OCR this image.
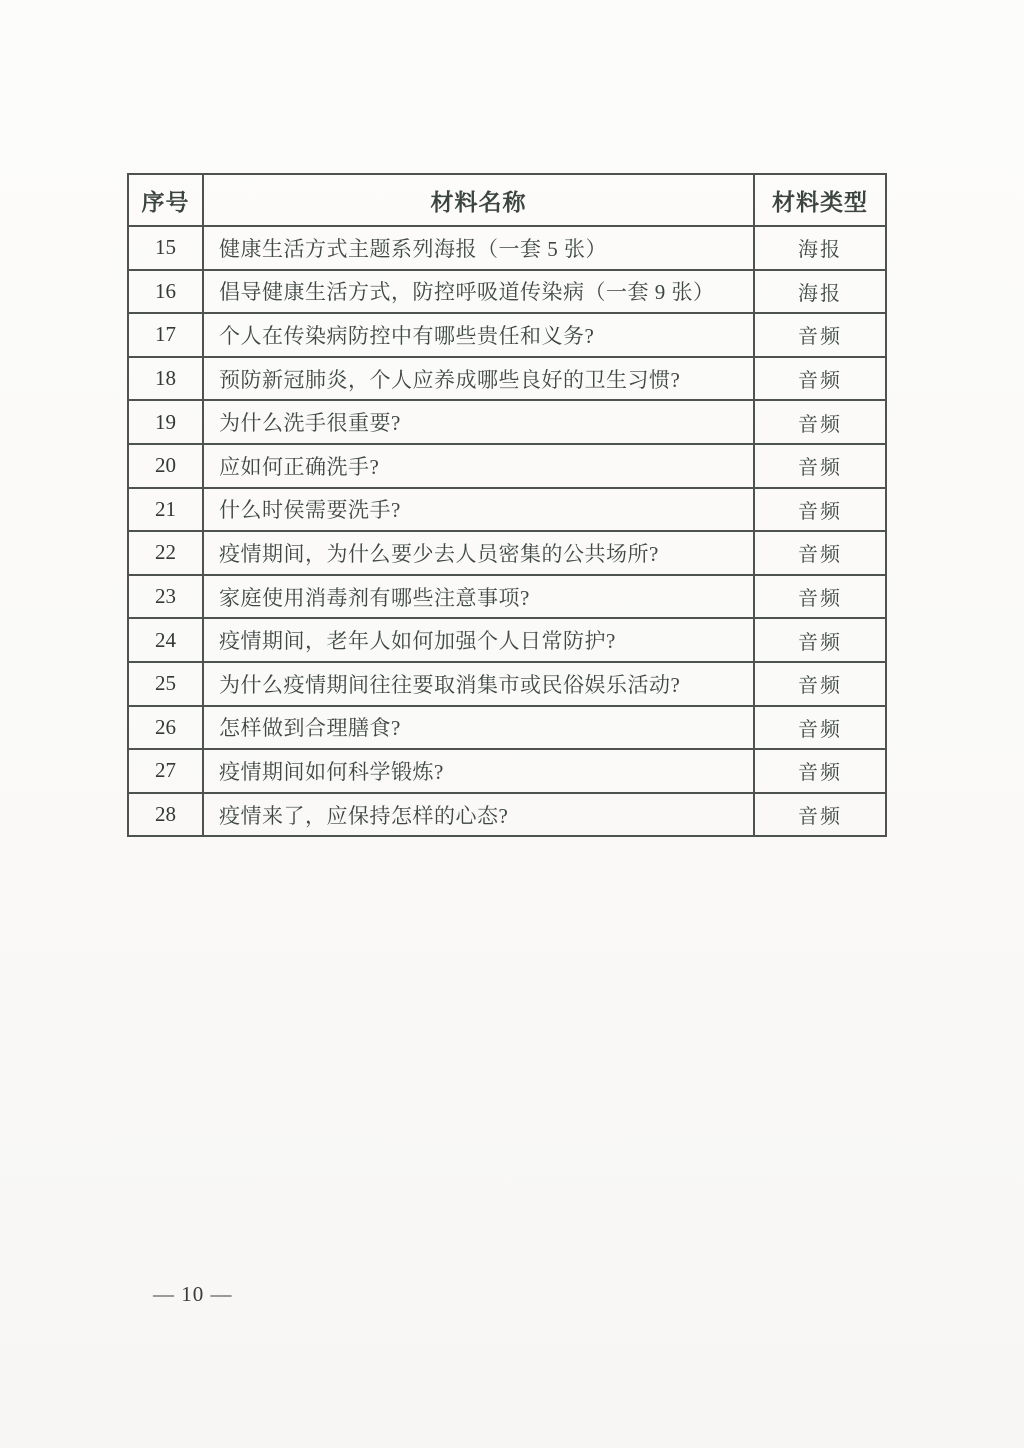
序号	材料名称	材料类型
15	健康生活方式主题系列海报（一套 5 张）	海报
16	倡导健康生活方式，防控呼吸道传染病（一套 9 张）	海报
17	个人在传染病防控中有哪些贵任和义务?	音频
18	预防新冠肺炎，个人应养成哪些良好的卫生习惯?	音频
19	为什么洗手很重要?	音频
20	应如何正确洗手?	音频
21	什么时侯需要洗手?	音频
22	疫情期间，为什么要少去人员密集的公共场所?	音频
23	家庭使用消毒剂有哪些注意事项?	音频
24	疫情期间，老年人如何加强个人日常防护?	音频
25	为什么疫情期间往往要取消集市或民俗娱乐活动?	音频
26	怎样做到合理膳食?	音频
27	疫情期间如何科学锻炼?	音频
28	疫情来了，应保持怎样的心态?	音频
— 10 —
